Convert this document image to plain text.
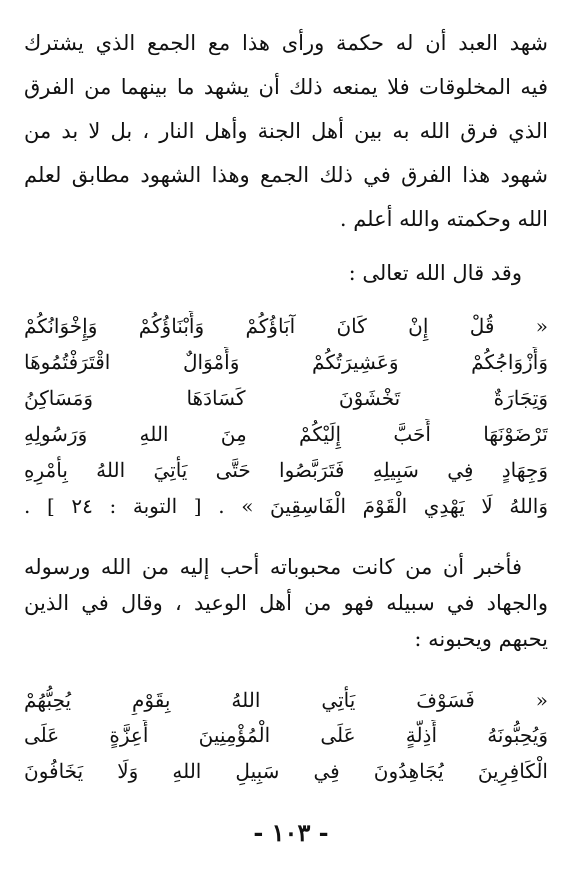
شهد العبد أن له حكمة ورأى هذا مع الجمع الذي يشترك
فيه المخلوقات فلا يمنعه ذلك أن يشهد ما بينهما من الفرق
الذي فرق الله به بين أهل الجنة وأهل النار ، بل لا بد من
شهود هذا الفرق في ذلك الجمع وهذا الشهود مطابق لعلم
الله وحكمته والله أعلم .
وقد قال الله تعالى :
« قُلْ إِنْ كَانَ آبَاؤُكُمْ وَأَبْنَاؤُكُمْ وَإِخْوَانُكُمْ
وَأَزْوَاجُكُمْ وَعَشِيرَتُكُمْ وَأَمْوَالٌ اقْتَرَفْتُمُوهَا
وَتِجَارَةٌ تَخْشَوْنَ كَسَادَهَا وَمَسَاكِنُ
تَرْضَوْنَهَا أَحَبَّ إِلَيْكُمْ مِنَ اللهِ وَرَسُولِهِ
وَجِهَادٍ فِي سَبِيلِهِ فَتَرَبَّصُوا حَتَّى يَأْتِيَ اللهُ بِأَمْرِهِ
وَاللهُ لَا يَهْدِي الْقَوْمَ الْفَاسِقِينَ » . [ التوبة : ٢٤ ] .
فأخبر أن من كانت محبوباته أحب إليه من الله ورسوله
والجهاد في سبيله فهو من أهل الوعيد ، وقال في الذين
يحبهم ويحبونه :
« فَسَوْفَ يَأْتِي اللهُ بِقَوْمٍ يُحِبُّهُمْ
وَيُحِبُّونَهُ أَذِلَّةٍ عَلَى الْمُؤْمِنِينَ أَعِزَّةٍ عَلَى
الْكَافِرِينَ يُجَاهِدُونَ فِي سَبِيلِ اللهِ وَلَا يَخَافُونَ
- ١٠٣ -
